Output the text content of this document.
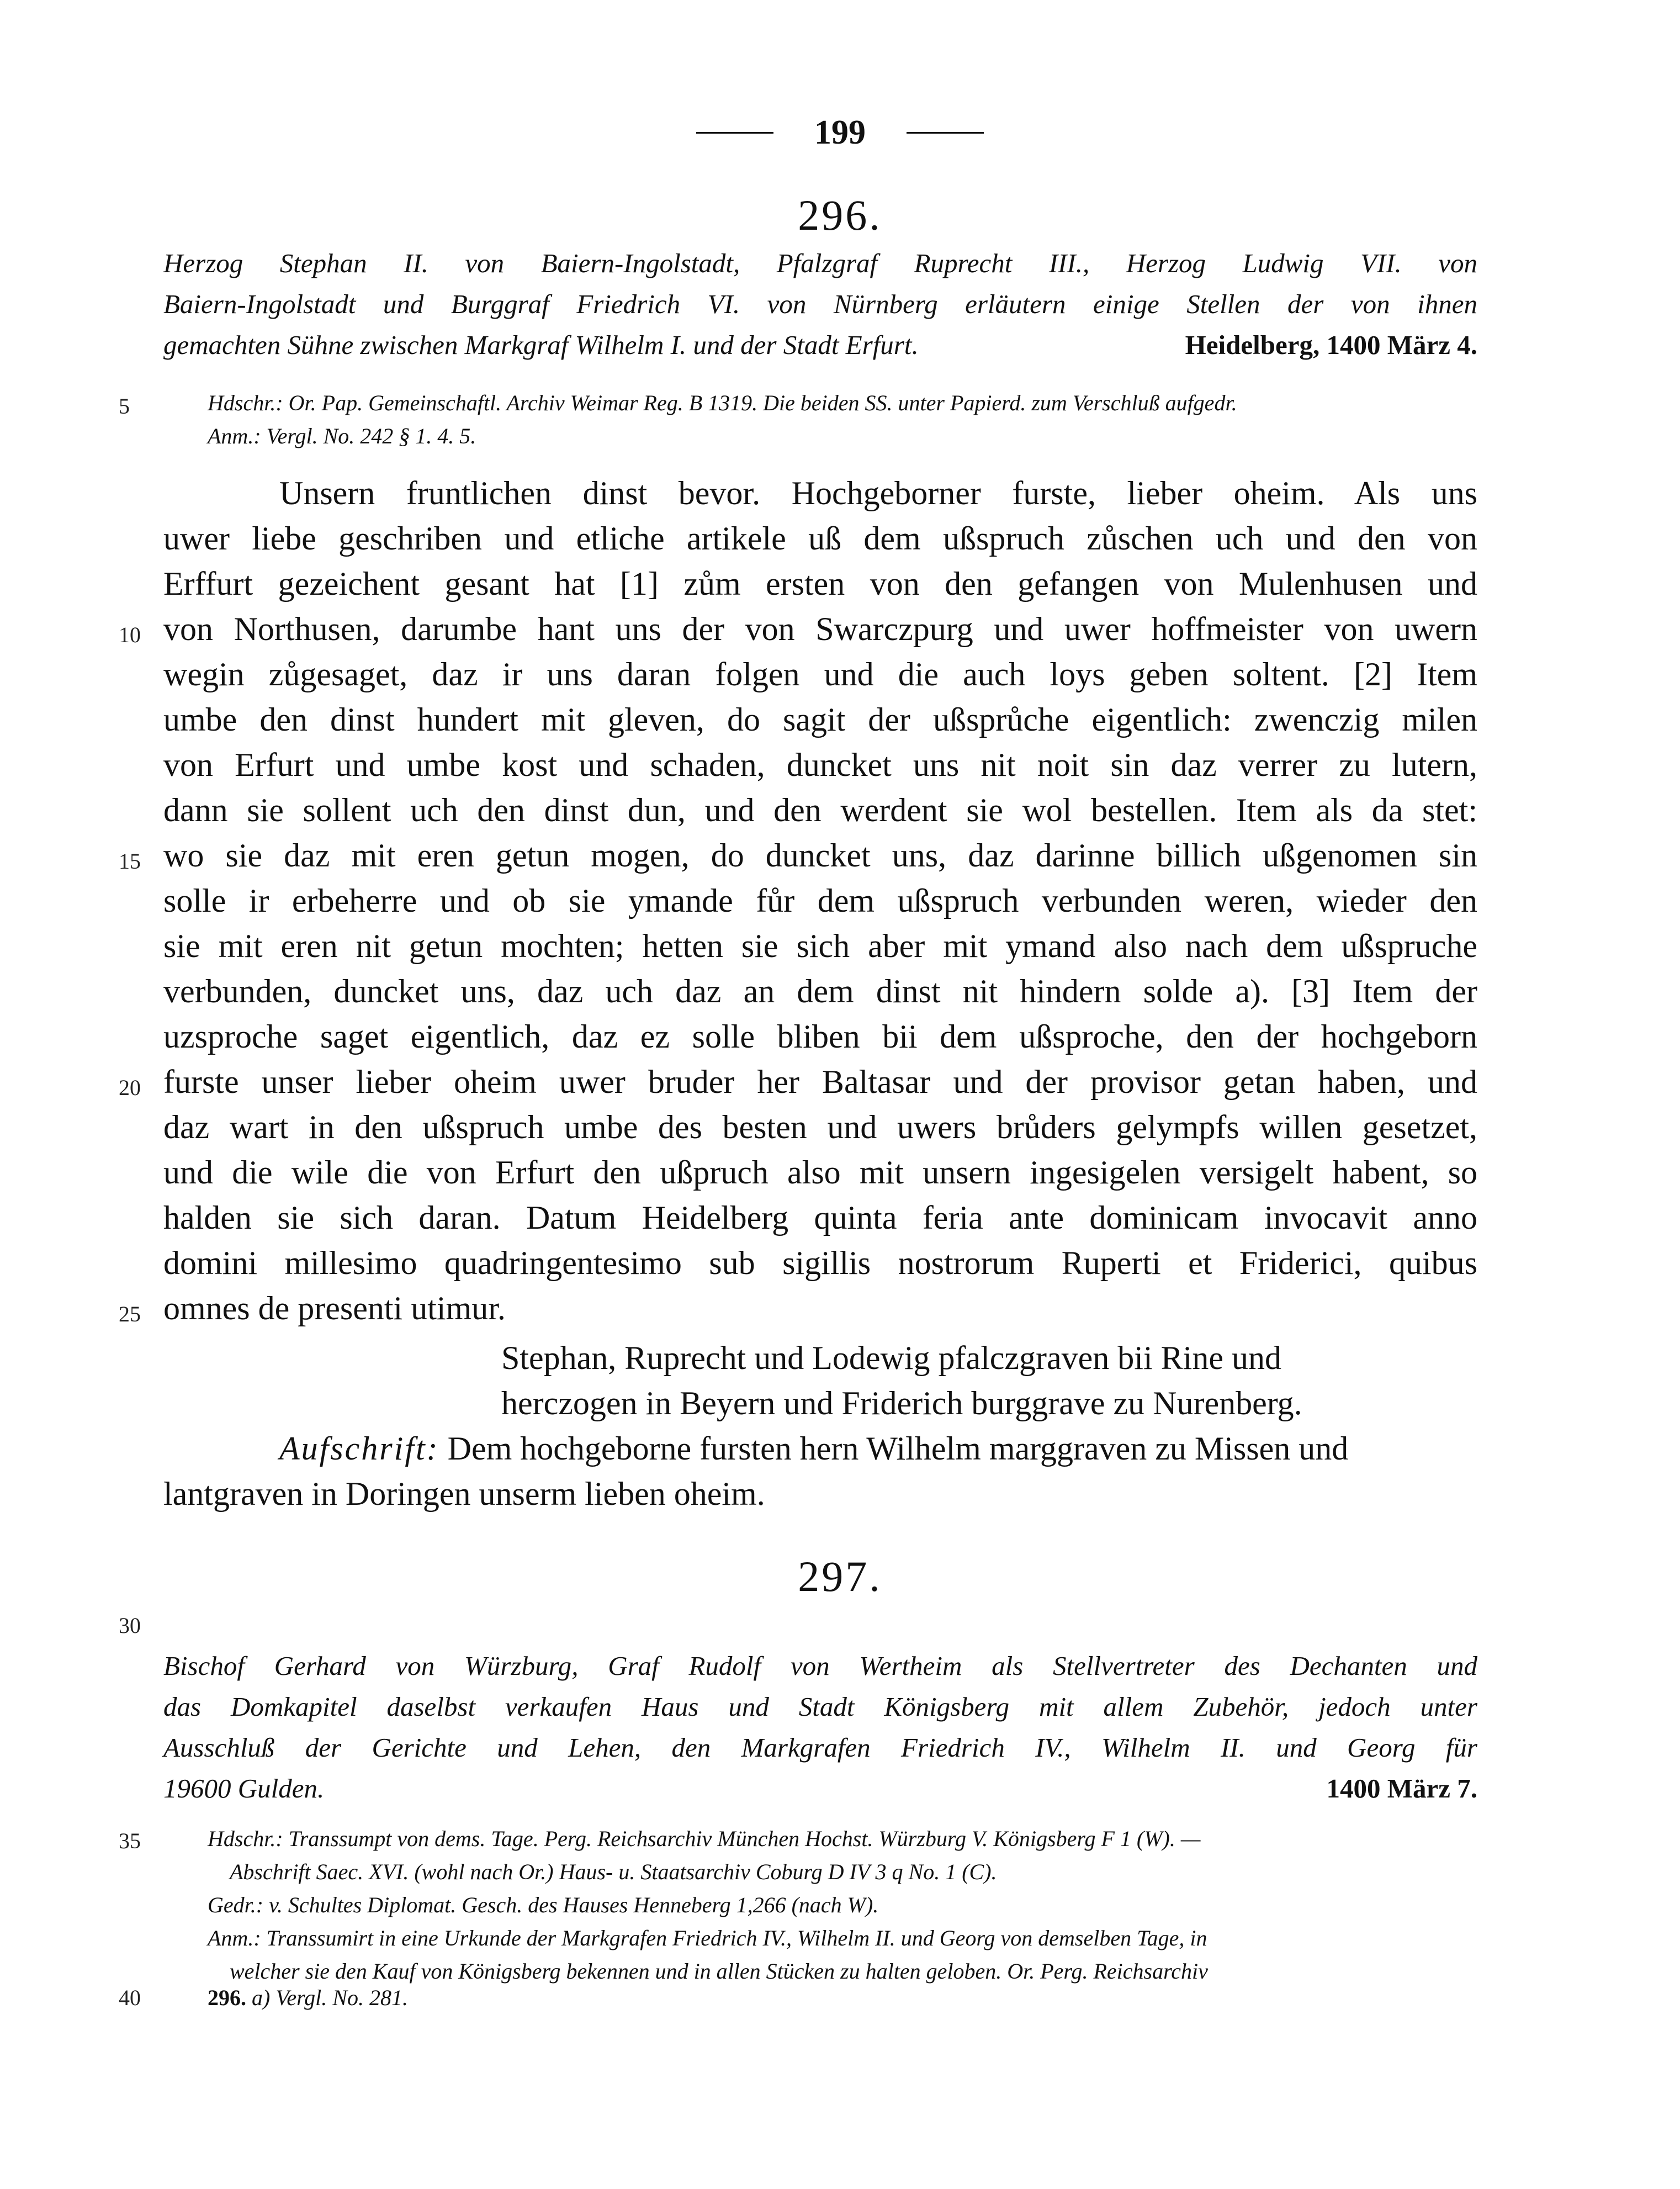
199
296.
Herzog Stephan II. von Baiern-Ingolstadt, Pfalzgraf Ruprecht III., Herzog Ludwig VII. von
Baiern-Ingolstadt und Burggraf Friedrich VI. von Nürnberg erläutern einige Stellen der von ihnen
gemachten Sühne zwischen Markgraf Wilhelm I. und der Stadt Erfurt.	Heidelberg, 1400 März 4.
Hdschr.: Or. Pap. Gemeinschaftl. Archiv Weimar Reg. B 1319. Die beiden SS. unter Papierd. zum Verschluß aufgedr.
Anm.: Vergl. No. 242 § 1. 4. 5.
Unsern fruntlichen dinst bevor. Hochgeborner furste, lieber oheim. Als uns
uwer liebe geschriben und etliche artikele uß dem ußspruch zůschen uch und den von
Erffurt gezeichent gesant hat [1] zům ersten von den gefangen von Mulenhusen und
von Northusen, darumbe hant uns der von Swarczpurg und uwer hoffmeister von uwern
wegin zůgesaget, daz ir uns daran folgen und die auch loys geben soltent. [2] Item
umbe den dinst hundert mit gleven, do sagit der ußsprůche eigentlich: zwenczig milen
von Erfurt und umbe kost und schaden, duncket uns nit noit sin daz verrer zu lutern,
dann sie sollent uch den dinst dun, und den werdent sie wol bestellen. Item als da stet:
wo sie daz mit eren getun mogen, do duncket uns, daz darinne billich ußgenomen sin
solle ir erbeherre und ob sie ymande fůr dem ußspruch verbunden weren, wieder den
sie mit eren nit getun mochten; hetten sie sich aber mit ymand also nach dem ußspruche
verbunden, duncket uns, daz uch daz an dem dinst nit hindern solde a). [3] Item der
uzsproche saget eigentlich, daz ez solle bliben bii dem ußsproche, den der hochgeborn
furste unser lieber oheim uwer bruder her Baltasar und der provisor getan haben, und
daz wart in den ußspruch umbe des besten und uwers brůders gelympfs willen gesetzet,
und die wile die von Erfurt den ußpruch also mit unsern ingesigelen versigelt habent, so
halden sie sich daran. Datum Heidelberg quinta feria ante dominicam invocavit anno
domini millesimo quadringentesimo sub sigillis nostrorum Ruperti et Friderici, quibus
omnes de presenti utimur.
Stephan, Ruprecht und Lodewig pfalczgraven bii Rine und
herczogen in Beyern und Friderich burggrave zu Nurenberg.
Aufschrift: Dem hochgeborne fursten hern Wilhelm marggraven zu Missen und
lantgraven in Doringen unserm lieben oheim.
297.
Bischof Gerhard von Würzburg, Graf Rudolf von Wertheim als Stellvertreter des Dechanten und
das Domkapitel daselbst verkaufen Haus und Stadt Königsberg mit allem Zubehör, jedoch unter
Ausschluß der Gerichte und Lehen, den Markgrafen Friedrich IV., Wilhelm II. und Georg für
19600 Gulden.	1400 März 7.
Hdschr.: Transsumpt von dems. Tage. Perg. Reichsarchiv München Hochst. Würzburg V. Königsberg F 1 (W). —
Abschrift Saec. XVI. (wohl nach Or.) Haus- u. Staatsarchiv Coburg D IV 3 q No. 1 (C).
Gedr.: v. Schultes Diplomat. Gesch. des Hauses Henneberg 1,266 (nach W).
Anm.: Transsumirt in eine Urkunde der Markgrafen Friedrich IV., Wilhelm II. und Georg von demselben Tage, in
welcher sie den Kauf von Königsberg bekennen und in allen Stücken zu halten geloben. Or. Perg. Reichsarchiv
5
10
15
20
25
30
35
40	296. a) Vergl. No. 281.
